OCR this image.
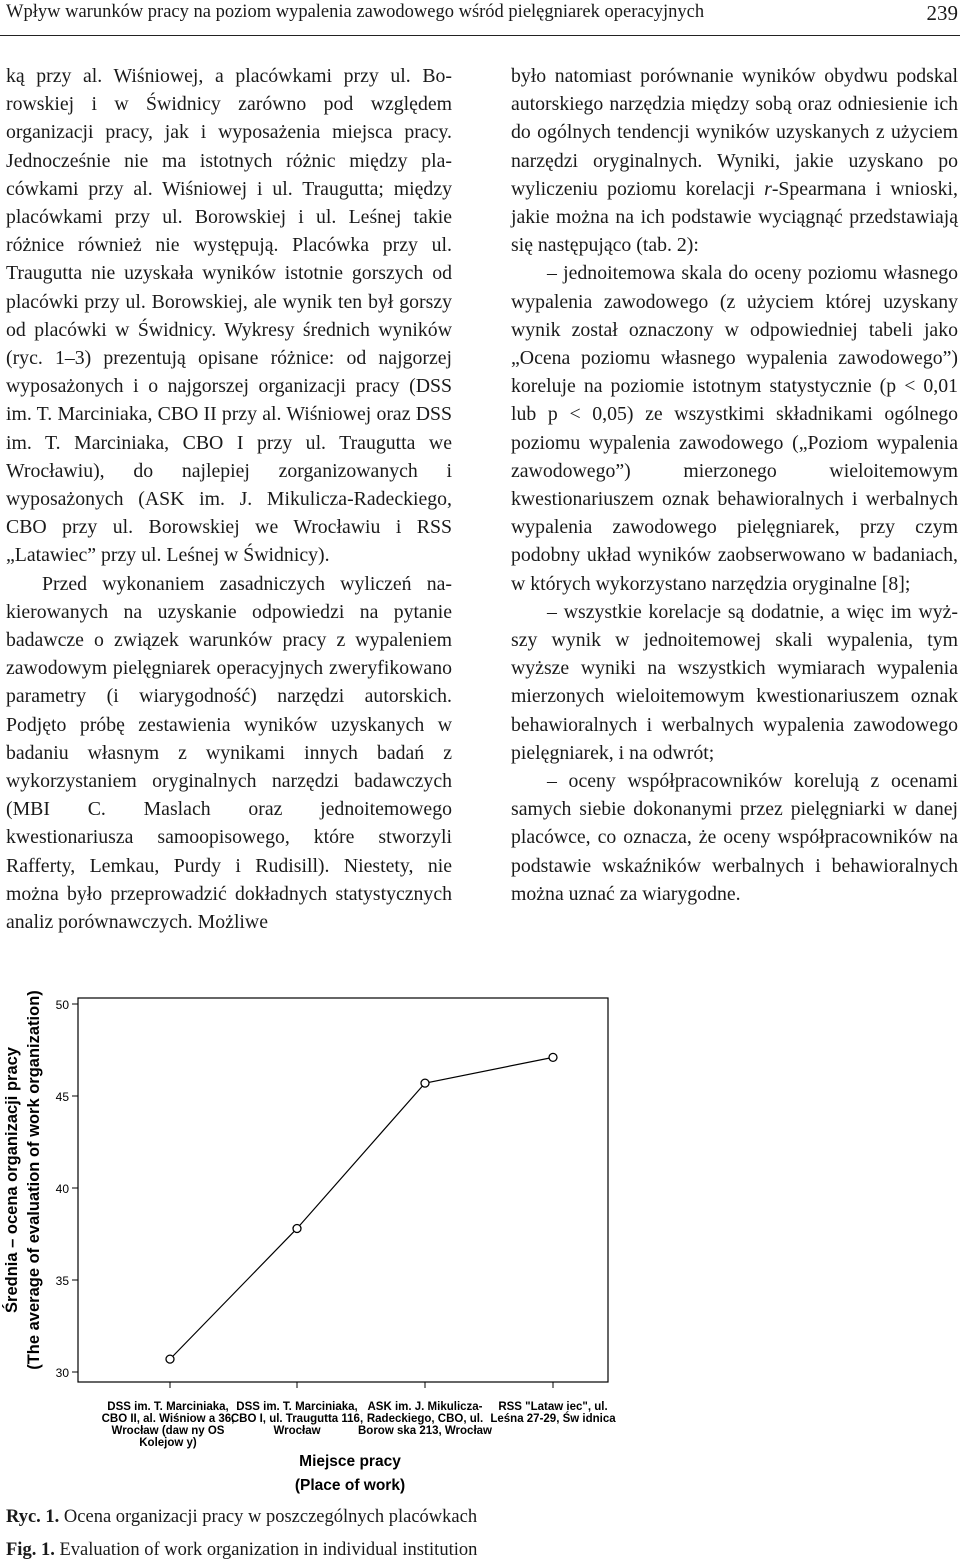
Wpływ warunków pracy na poziom wypalenia zawodowego wśród pielęgniarek operacyjnych	239

ką przy al. Wiśniowej, a placówkami przy ul. Borowskiej i w Świdnicy zarówno pod względem organizacji pracy, jak i wyposażenia miejsca pracy. Jednocześnie nie ma istotnych różnic między placówkami przy al. Wiśniowej i ul. Traugutta; między placówkami przy ul. Borowskiej i ul. Leśnej takie różnice również nie występują. Placówka przy ul. Traugutta nie uzyskała wyników istotnie gorszych od placówki przy ul. Borowskiej, ale wynik ten był gorszy od placówki w Świdnicy. Wykresy średnich wyników (ryc. 1–3) prezentują opisane różnice: od najgorzej wyposażonych i o najgorszej organizacji pracy (DSS im. T. Marciniaka, CBO II przy al. Wiśniowej oraz DSS im. T. Marciniaka, CBO I przy ul. Traugutta we Wrocławiu), do najlepiej zorganizowanych i wyposażonych (ASK im. J. Mikulicza-Radeckiego, CBO przy ul. Borowskiej we Wrocławiu i RSS „Latawiec” przy ul. Leśnej w Świdnicy).

Przed wykonaniem zasadniczych wyliczeń nakierowanych na uzyskanie odpowiedzi na pytanie badawcze o związek warunków pracy z wypaleniem zawodowym pielęgniarek operacyjnych zweryfikowano parametry (i wiarygodność) narzędzi autorskich. Podjęto próbę zestawienia wyników uzyskanych w badaniu własnym z wynikami innych badań z wykorzystaniem oryginalnych narzędzi badawczych (MBI C. Maslach oraz jednoitemowego kwestionariusza samoopisowego, które stworzyli Rafferty, Lemkau, Purdy i Rudisill). Niestety, nie można było przeprowadzić dokładnych statystycznych analiz porównawczych. Możliwe

było natomiast porównanie wyników obydwu podskal autorskiego narzędzia między sobą oraz odniesienie ich do ogólnych tendencji wyników uzyskanych z użyciem narzędzi oryginalnych. Wyniki, jakie uzyskano po wyliczeniu poziomu korelacji r-Spearmana i wnioski, jakie można na ich podstawie wyciągnąć przedstawiają się następująco (tab. 2):

– jednoitemowa skala do oceny poziomu własnego wypalenia zawodowego (z użyciem której uzyskany wynik został oznaczony w odpowiedniej tabeli jako „Ocena poziomu własnego wypalenia zawodowego”) koreluje na poziomie istotnym statystycznie (p < 0,01 lub p < 0,05) ze wszystkimi składnikami ogólnego poziomu wypalenia zawodowego („Poziom wypalenia zawodowego”) mierzonego wieloitemowym kwestionariuszem oznak behawioralnych i werbalnych wypalenia zawodowego pielęgniarek, przy czym podobny układ wyników zaobserwowano w badaniach, w których wykorzystano narzędzia oryginalne [8];

– wszystkie korelacje są dodatnie, a więc im wyższy wynik w jednoitemowej skali wypalenia, tym wyższe wyniki na wszystkich wymiarach wypalenia mierzonych wieloitemowym kwestionariuszem oznak behawioralnych i werbalnych wypalenia zawodowego pielęgniarek, i na odwrót;

– oceny współpracowników korelują z ocenami samych siebie dokonanymi przez pielęgniarki w danej placówce, co oznacza, że oceny współpracowników na podstawie wskaźników werbalnych i behawioralnych można uznać za wiarygodne.

Średnia – ocena organizacji pracy (The average of evaluation of work organization)
30
35
40
45
50
DSS im. T. Marciniaka,
CBO II, al. Wiśniow a 36,
Wrocław (daw ny OS
Kolejow y)
DSS im. T. Marciniaka,
CBO I, ul. Traugutta 116,
Wrocław
ASK im. J. Mikulicza-
Radeckiego, CBO, ul.
Borow ska 213, Wrocław
RSS "Lataw iec", ul.
Leśna 27-29, Św idnica
Miejsce pracy
(Place of work)
Ryc. 1. Ocena organizacji pracy w poszczególnych placówkach
Fig. 1. Evaluation of work organization in individual institution
